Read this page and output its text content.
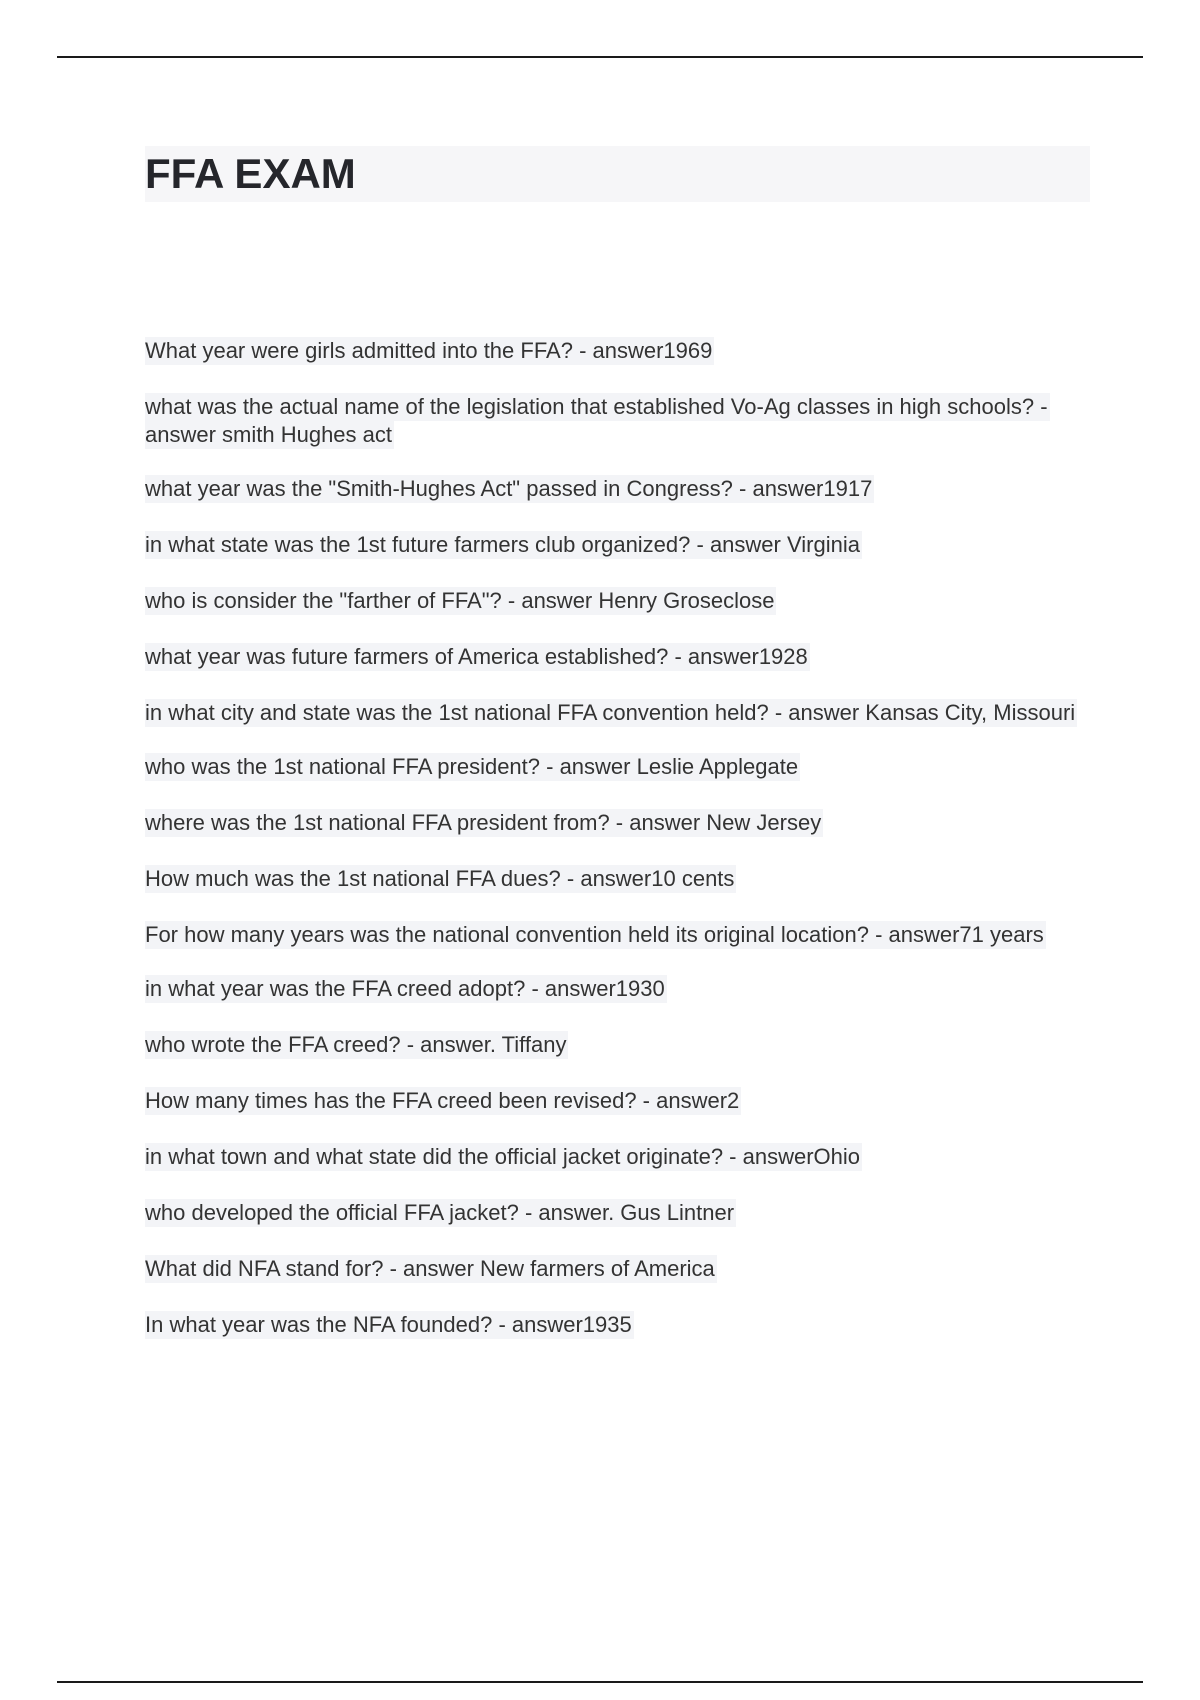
FFA EXAM

What year were girls admitted into the FFA? - answer1969

what was the actual name of the legislation that established Vo-Ag classes in high schools? - answer smith Hughes act

what year was the "Smith-Hughes Act" passed in Congress? - answer1917

in what state was the 1st future farmers club organized? - answer Virginia

who is consider the "farther of FFA"? - answer Henry Groseclose

what year was future farmers of America established? - answer1928

in what city and state was the 1st national FFA convention held? - answer Kansas City, Missouri

who was the 1st national FFA president? - answer Leslie Applegate

where was the 1st national FFA president from? - answer New Jersey

How much was the 1st national FFA dues? - answer10 cents

For how many years was the national convention held its original location? - answer71 years

in what year was the FFA creed adopt? - answer1930

who wrote the FFA creed? - answer. Tiffany

How many times has the FFA creed been revised? - answer2

in what town and what state did the official jacket originate? - answerOhio

who developed the official FFA jacket? - answer. Gus Lintner

What did NFA stand for? - answer New farmers of America

In what year was the NFA founded? - answer1935
